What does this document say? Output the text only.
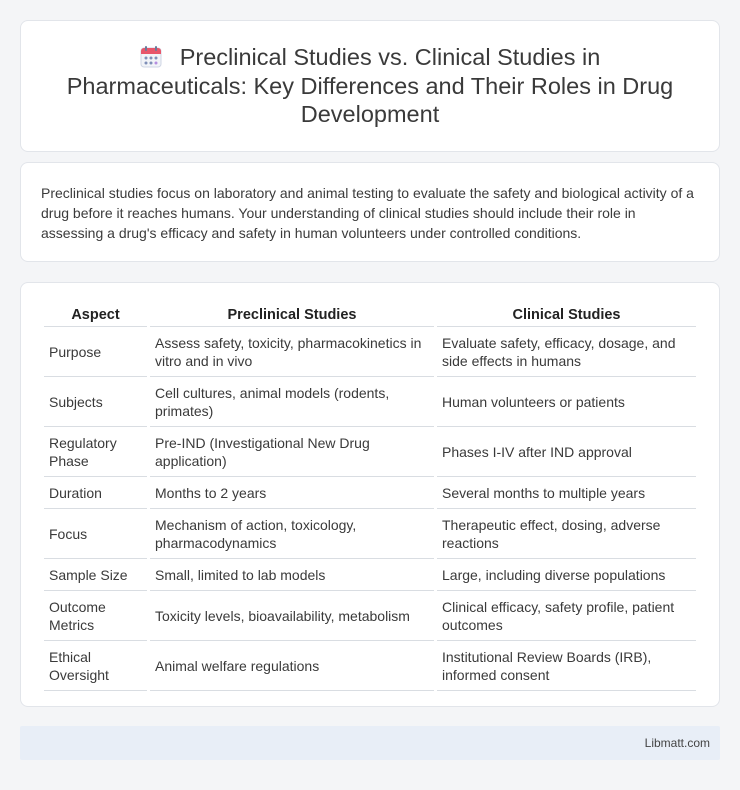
Preclinical Studies vs. Clinical Studies in Pharmaceuticals: Key Differences and Their Roles in Drug Development

Preclinical studies focus on laboratory and animal testing to evaluate the safety and biological activity of a drug before it reaches humans. Your understanding of clinical studies should include their role in assessing a drug's efficacy and safety in human volunteers under controlled conditions.

Aspect	Preclinical Studies	Clinical Studies
Purpose	Assess safety, toxicity, pharmacokinetics in vitro and in vivo	Evaluate safety, efficacy, dosage, and side effects in humans
Subjects	Cell cultures, animal models (rodents, primates)	Human volunteers or patients
Regulatory Phase	Pre-IND (Investigational New Drug application)	Phases I-IV after IND approval
Duration	Months to 2 years	Several months to multiple years
Focus	Mechanism of action, toxicology, pharmacodynamics	Therapeutic effect, dosing, adverse reactions
Sample Size	Small, limited to lab models	Large, including diverse populations
Outcome Metrics	Toxicity levels, bioavailability, metabolism	Clinical efficacy, safety profile, patient outcomes
Ethical Oversight	Animal welfare regulations	Institutional Review Boards (IRB), informed consent
Libmatt.com
